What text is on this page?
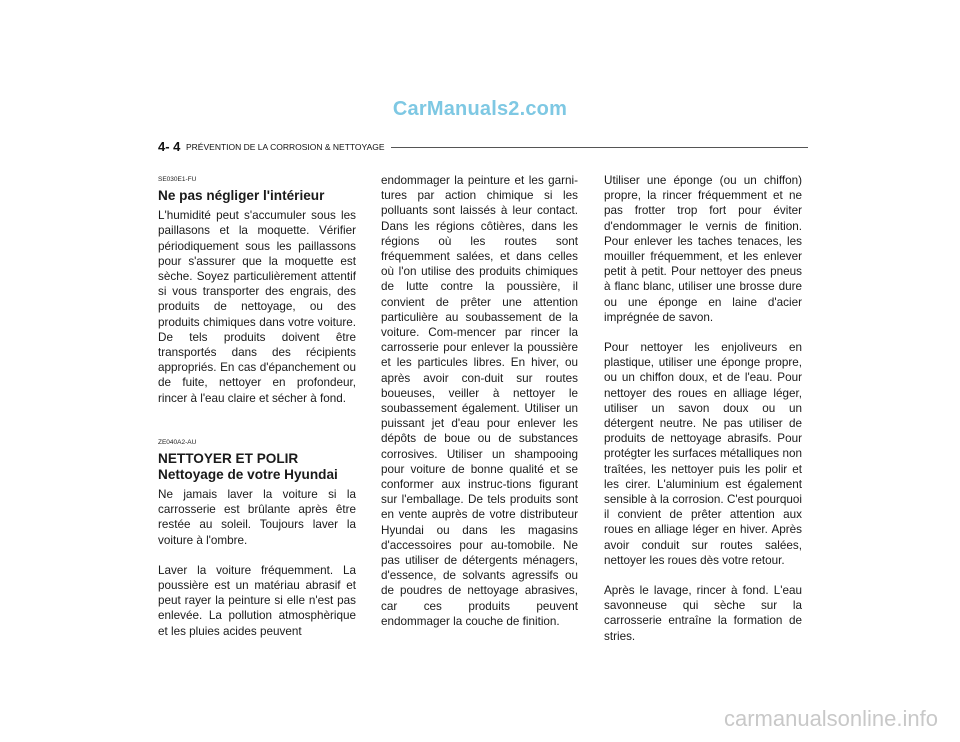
CarManuals2.com
4- 4 PRÉVENTION DE LA CORROSION & NETTOYAGE
SE030E1-FU
Ne pas négliger l'intérieur

L'humidité peut s'accumuler sous les paillasons et la moquette. Vérifier périodiquement sous les paillassons pour s'assurer que la moquette est sèche. Soyez particulièrement attentif si vous transporter des engrais, des produits de nettoyage, ou des produits chimiques dans votre voiture. De tels produits doivent être transportés dans des récipients appropriés. En cas d'épanchement ou de fuite, nettoyer en profondeur, rincer à l'eau claire et sécher à fond.

ZE040A2-AU
NETTOYER ET POLIR
Nettoyage de votre Hyundai

Ne jamais laver la voiture si la carrosserie est brûlante après être restée au soleil. Toujours laver la voiture à l'ombre.

Laver la voiture fréquemment. La poussière est un matériau abrasif et peut rayer la peinture si elle n'est pas enlevée. La pollution atmosphèrique et les pluies acides peuvent

endommager la peinture et les garni-tures par action chimique si les polluants sont laissés à leur contact. Dans les régions côtières, dans les régions où les routes sont fréquemment salées, et dans celles où l'on utilise des produits chimiques de lutte contre la poussière, il convient de prêter une attention particulière au soubassement de la voiture. Com-mencer par rincer la carrosserie pour enlever la poussière et les particules libres. En hiver, ou après avoir con-duit sur routes boueuses, veiller à nettoyer le soubassement également. Utiliser un puissant jet d'eau pour enlever les dépôts de boue ou de substances corrosives. Utiliser un shampooing pour voiture de bonne qualité et se conformer aux instruc-tions figurant sur l'emballage. De tels produits sont en vente auprès de votre distributeur Hyundai ou dans les magasins d'accessoires pour au-tomobile. Ne pas utiliser de détergents ménagers, d'essence, de solvants agressifs ou de poudres de nettoyage abrasives, car ces produits peuvent endommager la couche de finition.

Utiliser une éponge (ou un chiffon) propre, la rincer fréquemment et ne pas frotter trop fort pour éviter d'endommager le vernis de finition. Pour enlever les taches tenaces, les mouiller fréquemment, et les enlever petit à petit. Pour nettoyer des pneus à flanc blanc, utiliser une brosse dure ou une éponge en laine d'acier imprégnée de savon.

Pour nettoyer les enjoliveurs en plastique, utiliser une éponge propre, ou un chiffon doux, et de l'eau. Pour nettoyer des roues en alliage léger, utiliser un savon doux ou un détergent neutre. Ne pas utiliser de produits de nettoyage abrasifs. Pour protégter les surfaces métalliques non traîtées, les nettoyer puis les polir et les cirer. L'aluminium est également sensible à la corrosion. C'est pourquoi il convient de prêter attention aux roues en alliage léger en hiver. Après avoir conduit sur routes salées, nettoyer les roues dès votre retour.

Après le lavage, rincer à fond. L'eau savonneuse qui sèche sur la carrosserie entraîne la formation de stries.

carmanualsonline.info
